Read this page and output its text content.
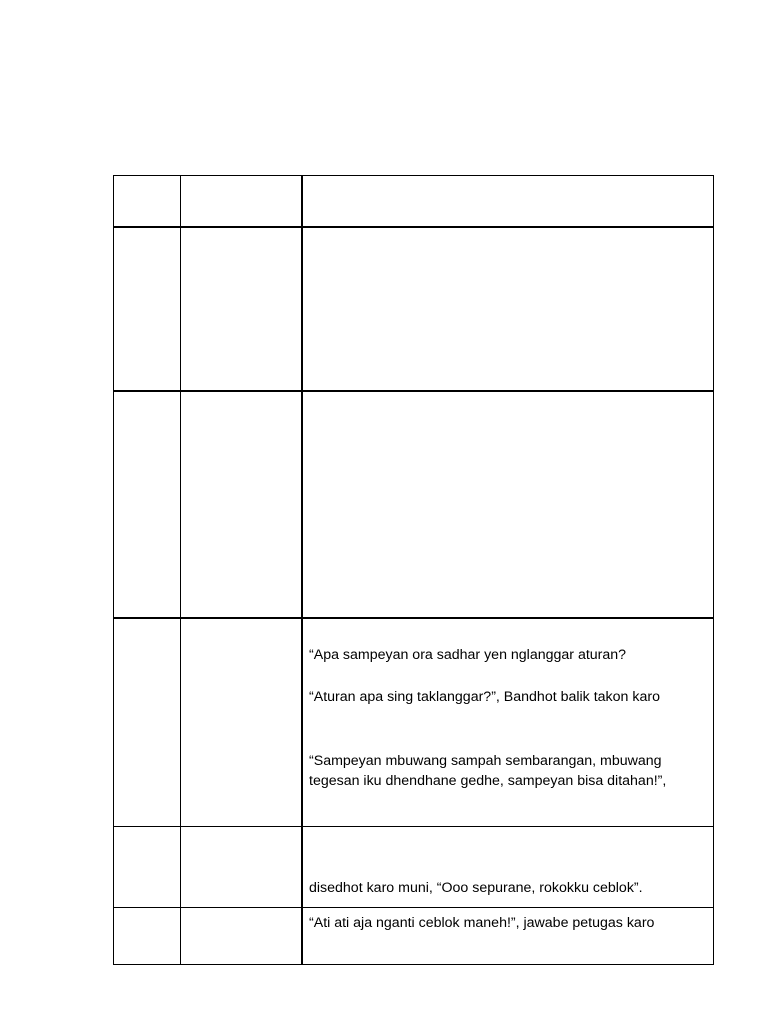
“Apa sampeyan ora sadhar yen nglanggar aturan?
“Aturan apa sing taklanggar?”, Bandhot balik takon karo
“Sampeyan mbuwang sampah sembarangan, mbuwang
tegesan iku dhendhane gedhe, sampeyan bisa ditahan!”,
disedhot karo muni, “Ooo sepurane, rokokku ceblok”.
“Ati ati aja nganti ceblok maneh!”, jawabe petugas karo
